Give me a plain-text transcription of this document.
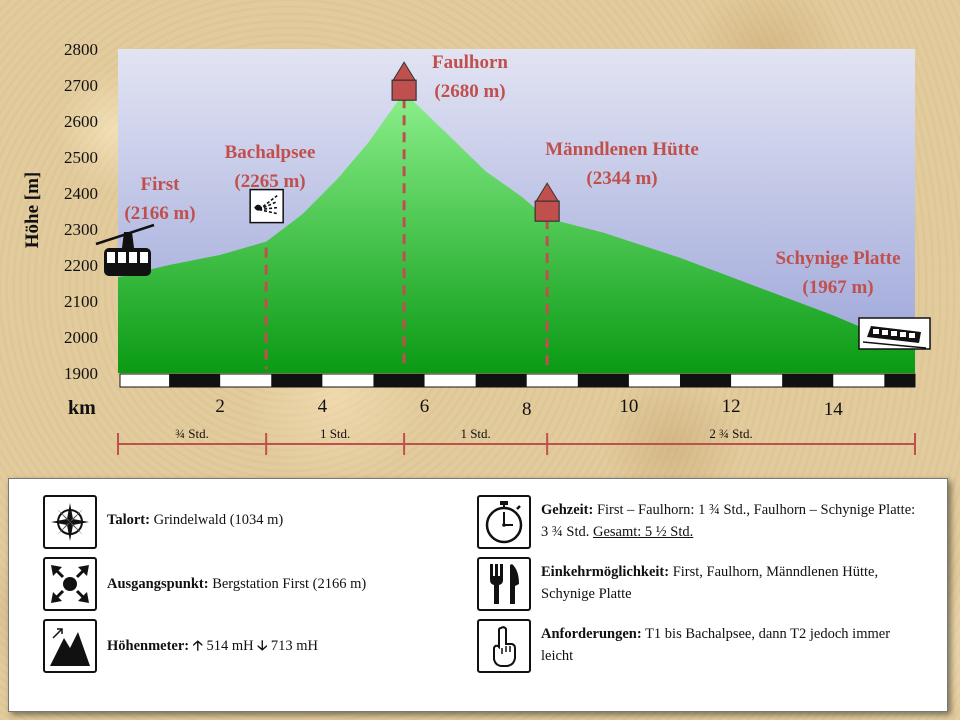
1900
2000
2100
2200
2300
2400
2500
2600
2700
2800
2	4	6	8	10	12	14
km
Höhe [m]
¾ Std.	1 Std.	1 Std.	2 ¾ Std.
First
(2166 m)
Bachalpsee
(2265 m)
Faulhorn
(2680 m)
Männdlenen Hütte
(2344 m)
Schynige Platte
(1967 m)
Talort: Grindelwald (1034 m)
Ausgangspunkt: Bergstation First (2166 m)
Höhenmeter: 🡡 514 mH 🡣 713 mH
Gehzeit: First – Faulhorn: 1 ¾ Std., Faulhorn – Schynige Platte: 3 ¾ Std. Gesamt: 5 ½ Std.
Einkehrmöglichkeit: First, Faulhorn, Männdlenen Hütte, Schynige Platte
Anforderungen: T1 bis Bachalpsee, dann T2 jedoch immer leicht
